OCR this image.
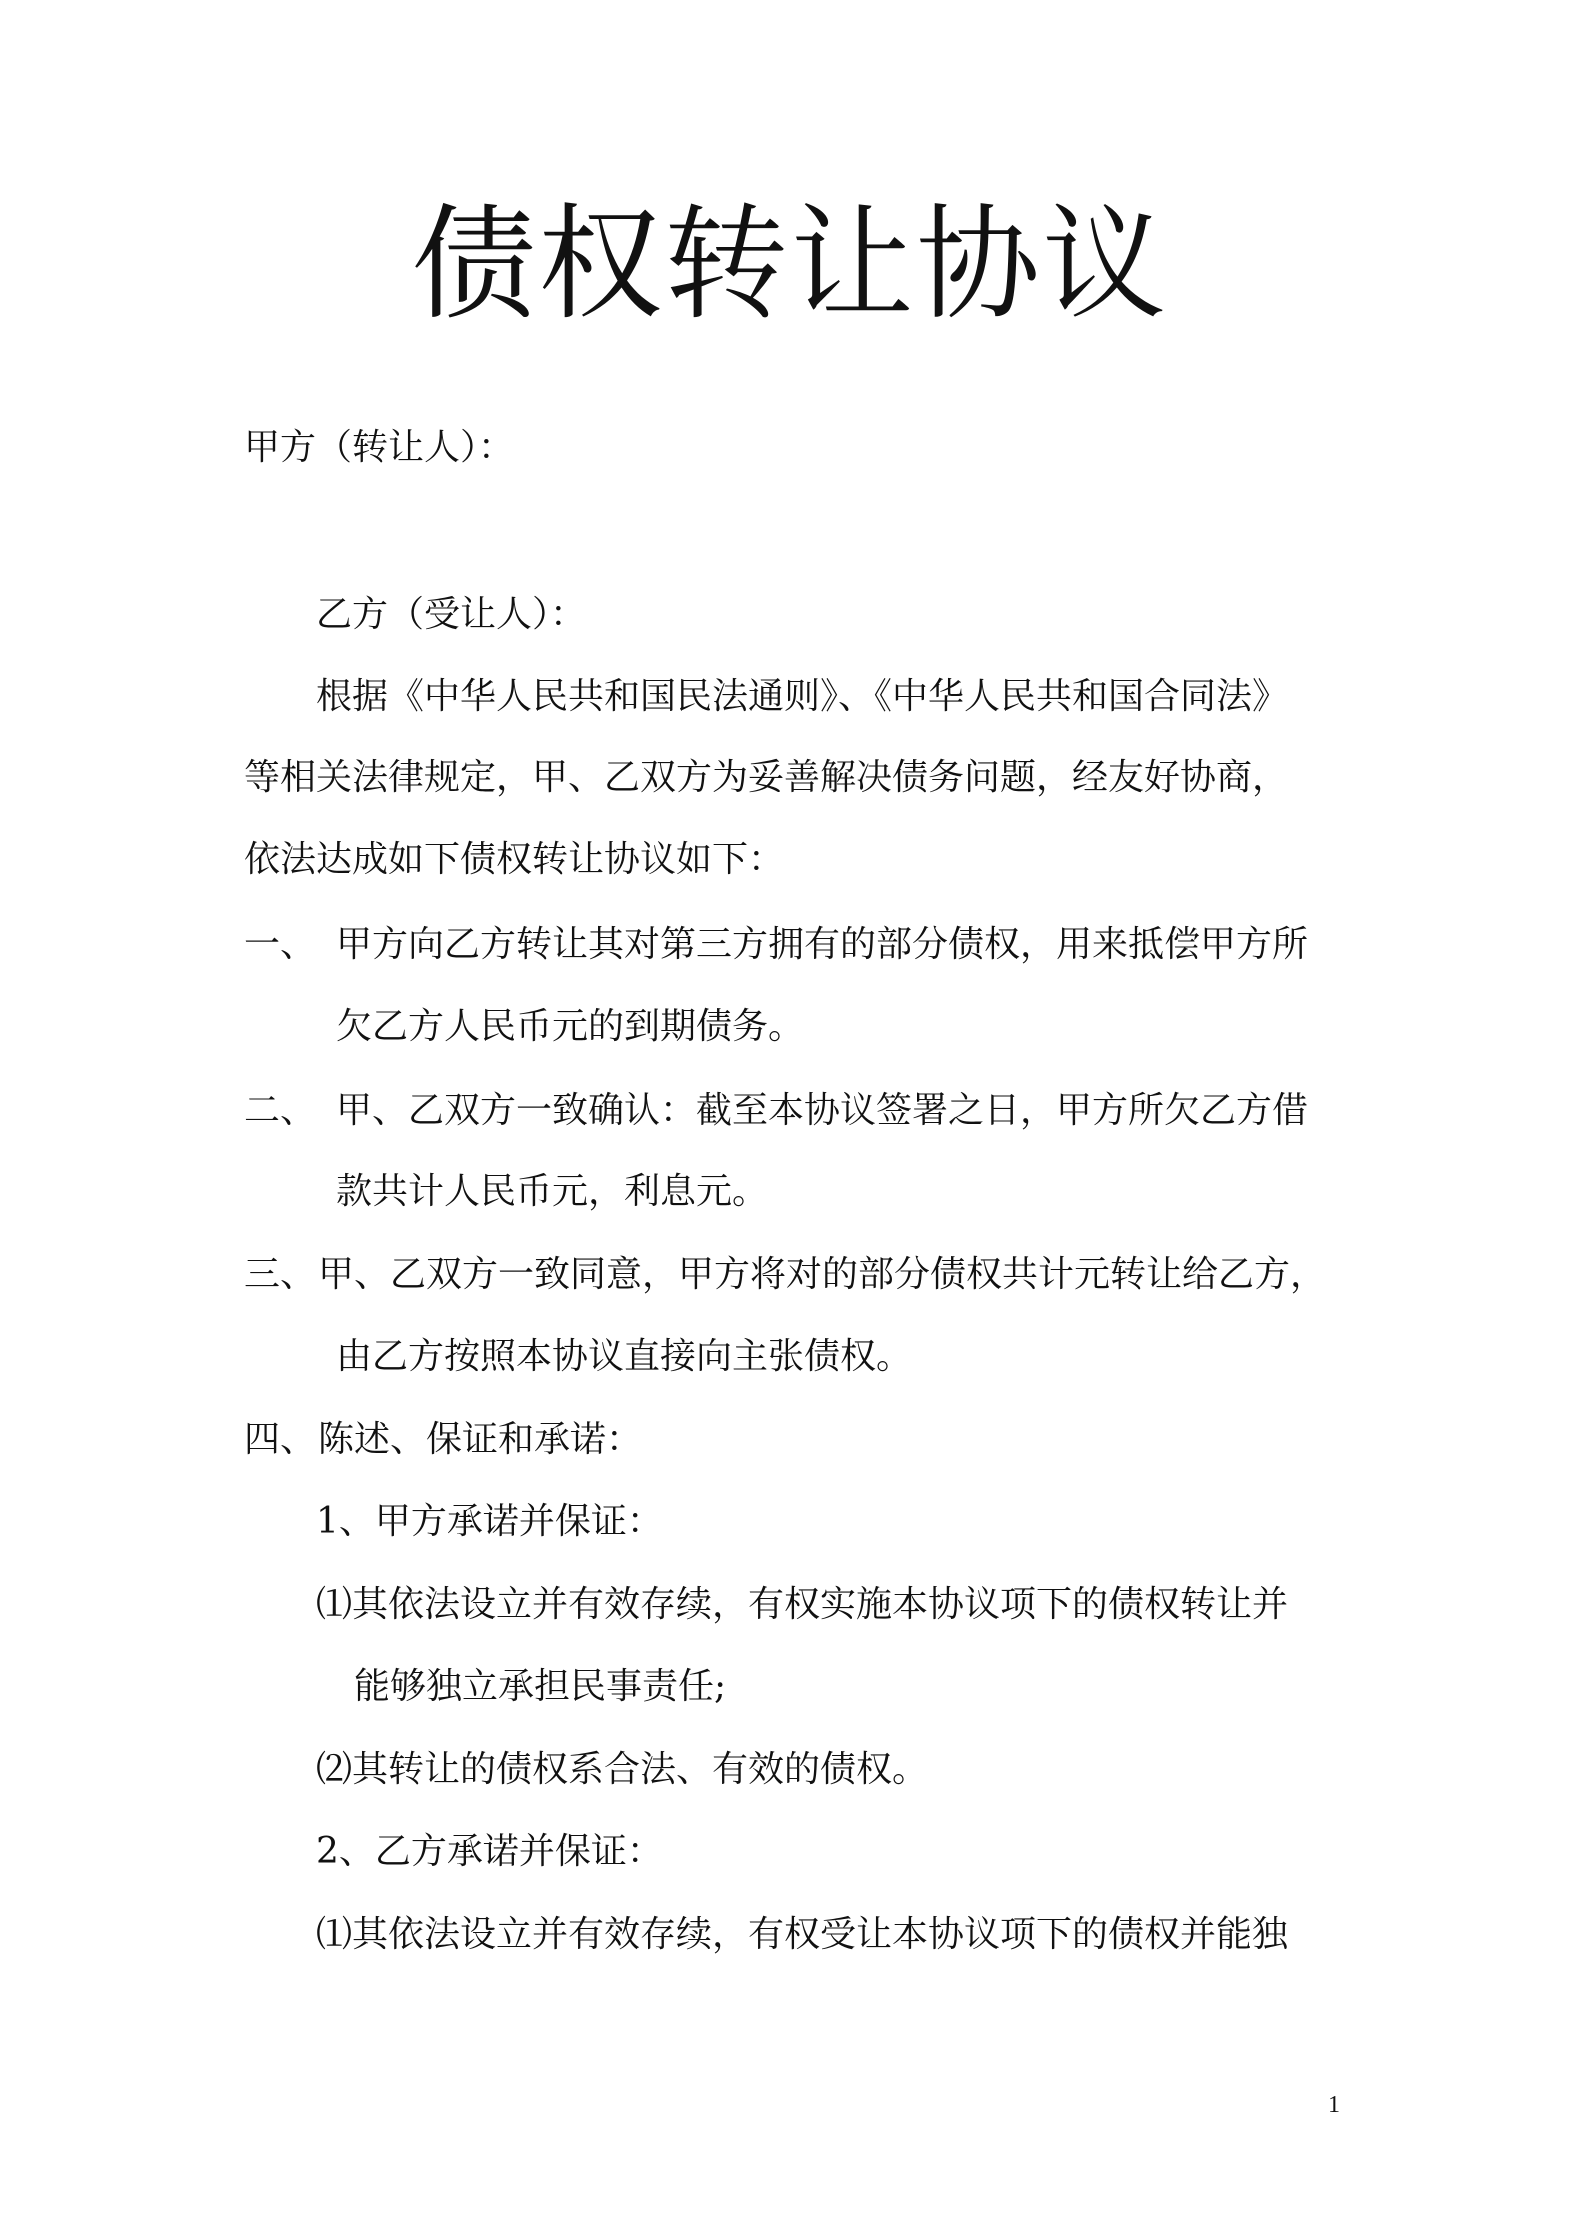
债权转让协议
甲方（转让人）：
乙方（受让人）：
根据《中华人民共和国民法通则》、《中华人民共和国合同法》
等相关法律规定，甲、乙双方为妥善解决债务问题，经友好协商，
依法达成如下债权转让协议如下：
一、 甲方向乙方转让其对第三方拥有的部分债权，用来抵偿甲方所
欠乙方人民币元的到期债务。
二、 甲、乙双方一致确认：截至本协议签署之日，甲方所欠乙方借
款共计人民币元，利息元。
三、 甲、乙双方一致同意，甲方将对的部分债权共计元转让给乙方，
由乙方按照本协议直接向主张债权。
四、 陈述、保证和承诺：
1、甲方承诺并保证：
⑴其依法设立并有效存续，有权实施本协议项下的债权转让并
能够独立承担民事责任;
⑵其转让的债权系合法、有效的债权。
2、乙方承诺并保证：
⑴其依法设立并有效存续，有权受让本协议项下的债权并能独
1
